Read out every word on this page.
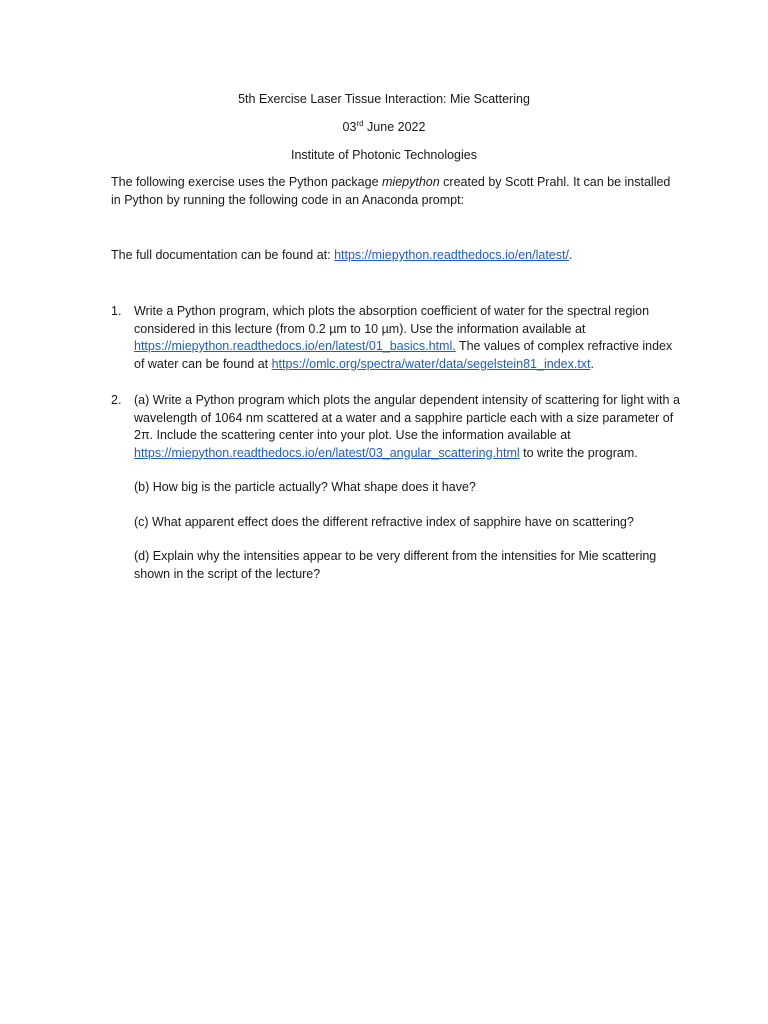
5th Exercise Laser Tissue Interaction: Mie Scattering
03rd June 2022
Institute of Photonic Technologies
The following exercise uses the Python package miepython created by Scott Prahl. It can be installed in Python by running the following code in an Anaconda prompt:
The full documentation can be found at: https://miepython.readthedocs.io/en/latest/.
1.	Write a Python program, which plots the absorption coefficient of water for the spectral region considered in this lecture (from 0.2 µm to 10 µm). Use the information available at https://miepython.readthedocs.io/en/latest/01_basics.html. The values of complex refractive index of water can be found at https://omlc.org/spectra/water/data/segelstein81_index.txt.
2.	(a) Write a Python program which plots the angular dependent intensity of scattering for light with a wavelength of 1064 nm scattered at a water and a sapphire particle each with a size parameter of 2π. Include the scattering center into your plot. Use the information available at https://miepython.readthedocs.io/en/latest/03_angular_scattering.html to write the program.

(b) How big is the particle actually? What shape does it have?

(c) What apparent effect does the different refractive index of sapphire have on scattering?

(d) Explain why the intensities appear to be very different from the intensities for Mie scattering shown in the script of the lecture?
